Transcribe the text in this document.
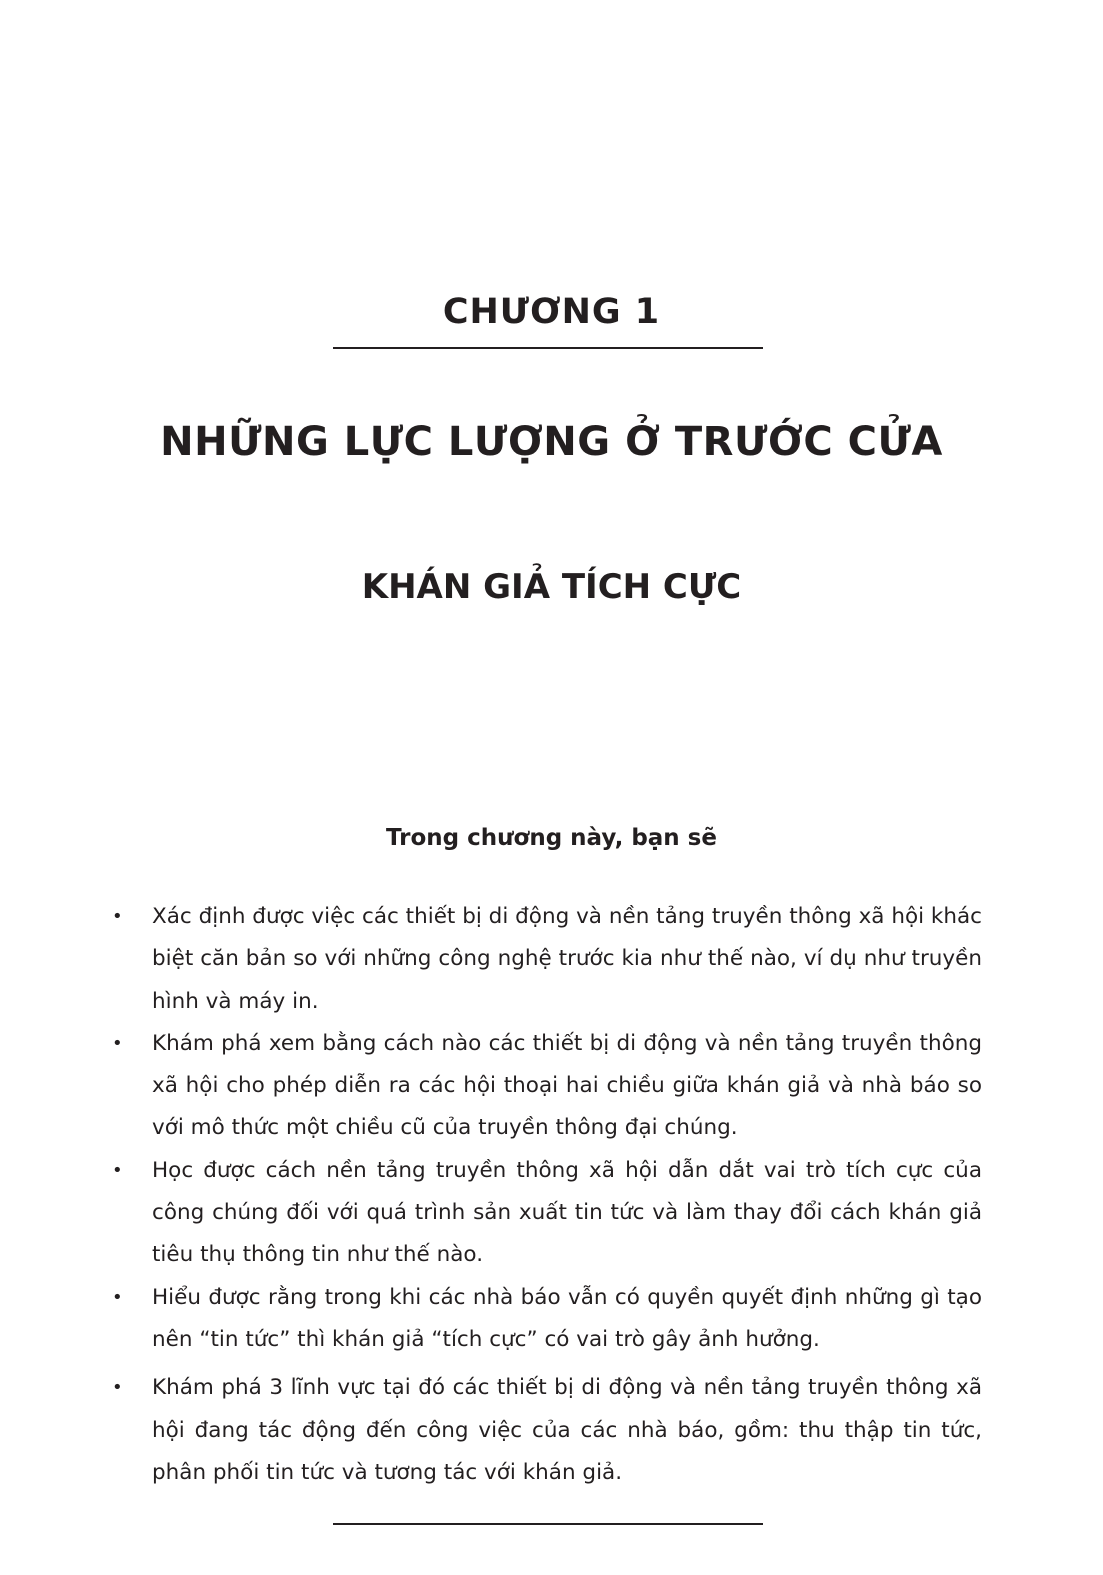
CHƯƠNG 1
NHỮNG LỰC LƯỢNG Ở TRƯỚC CỬA
KHÁN GIẢ TÍCH CỰC

Trong chương này, bạn sẽ

• Xác định được việc các thiết bị di động và nền tảng truyền thông xã hội khác biệt căn bản so với những công nghệ trước kia như thế nào, ví dụ như truyền hình và máy in.
• Khám phá xem bằng cách nào các thiết bị di động và nền tảng truyền thông xã hội cho phép diễn ra các hội thoại hai chiều giữa khán giả và nhà báo so với mô thức một chiều cũ của truyền thông đại chúng.
• Học được cách nền tảng truyền thông xã hội dẫn dắt vai trò tích cực của công chúng đối với quá trình sản xuất tin tức và làm thay đổi cách khán giả tiêu thụ thông tin như thế nào.
• Hiểu được rằng trong khi các nhà báo vẫn có quyền quyết định những gì tạo nên “tin tức” thì khán giả “tích cực” có vai trò gây ảnh hưởng.
• Khám phá 3 lĩnh vực tại đó các thiết bị di động và nền tảng truyền thông xã hội đang tác động đến công việc của các nhà báo, gồm: thu thập tin tức, phân phối tin tức và tương tác với khán giả.
